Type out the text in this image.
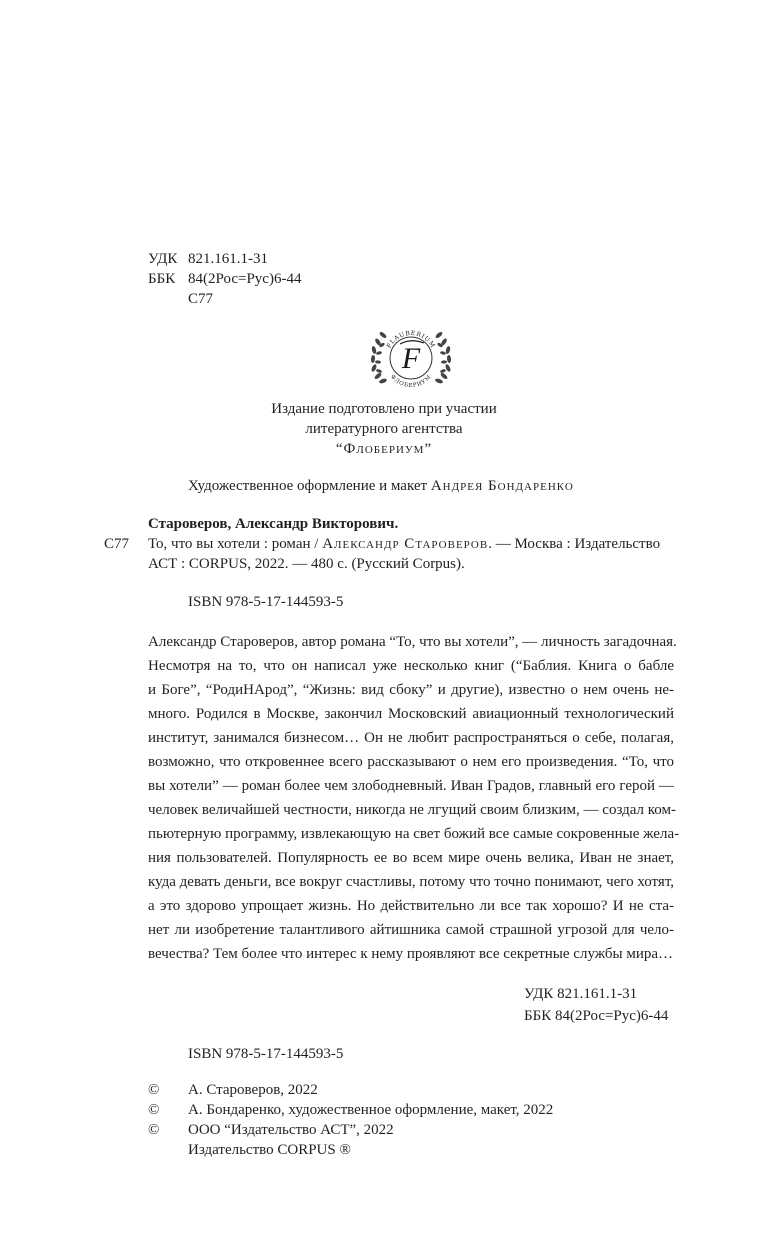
УДК 821.161.1-31
ББК 84(2Рос=Рус)6-44
С77
FLAUBERIUM
ФЛОБЕРИУМ
F
Издание подготовлено при участии
литературного агентства
“Флобериум”
Художественное оформление и макет Андрея Бондаренко
Староверов, Александр Викторович.
С77 То, что вы хотели : роман / Александр Староверов. — Москва : Издательство
АСТ : CORPUS, 2022. — 480 с. (Русский Corpus).
ISBN 978-5-17-144593-5
Александр Староверов, автор романа “То, что вы хотели”, — личность загадочная.
Несмотря на то, что он написал уже несколько книг (“Баблия. Книга о бабле
и Боге”, “РодиНАрод”, “Жизнь: вид сбоку” и другие), известно о нем очень не-
много. Родился в Москве, закончил Московский авиационный технологический
институт, занимался бизнесом… Он не любит распространяться о себе, полагая,
возможно, что откровеннее всего рассказывают о нем его произведения. “То, что
вы хотели” — роман более чем злободневный. Иван Градов, главный его герой —
человек величайшей честности, никогда не лгущий своим близким, — создал ком-
пьютерную программу, извлекающую на свет божий все самые сокровенные жела-
ния пользователей. Популярность ее во всем мире очень велика, Иван не знает,
куда девать деньги, все вокруг счастливы, потому что точно понимают, чего хотят,
а это здорово упрощает жизнь. Но действительно ли все так хорошо? И не ста-
нет ли изобретение талантливого айтишника самой страшной угрозой для чело-
вечества? Тем более что интерес к нему проявляют все секретные службы мира…
УДК 821.161.1-31
ББК 84(2Рос=Рус)6-44
ISBN 978-5-17-144593-5
© А. Староверов, 2022
© А. Бондаренко, художественное оформление, макет, 2022
© ООО “Издательство АСТ”, 2022
Издательство CORPUS ®
